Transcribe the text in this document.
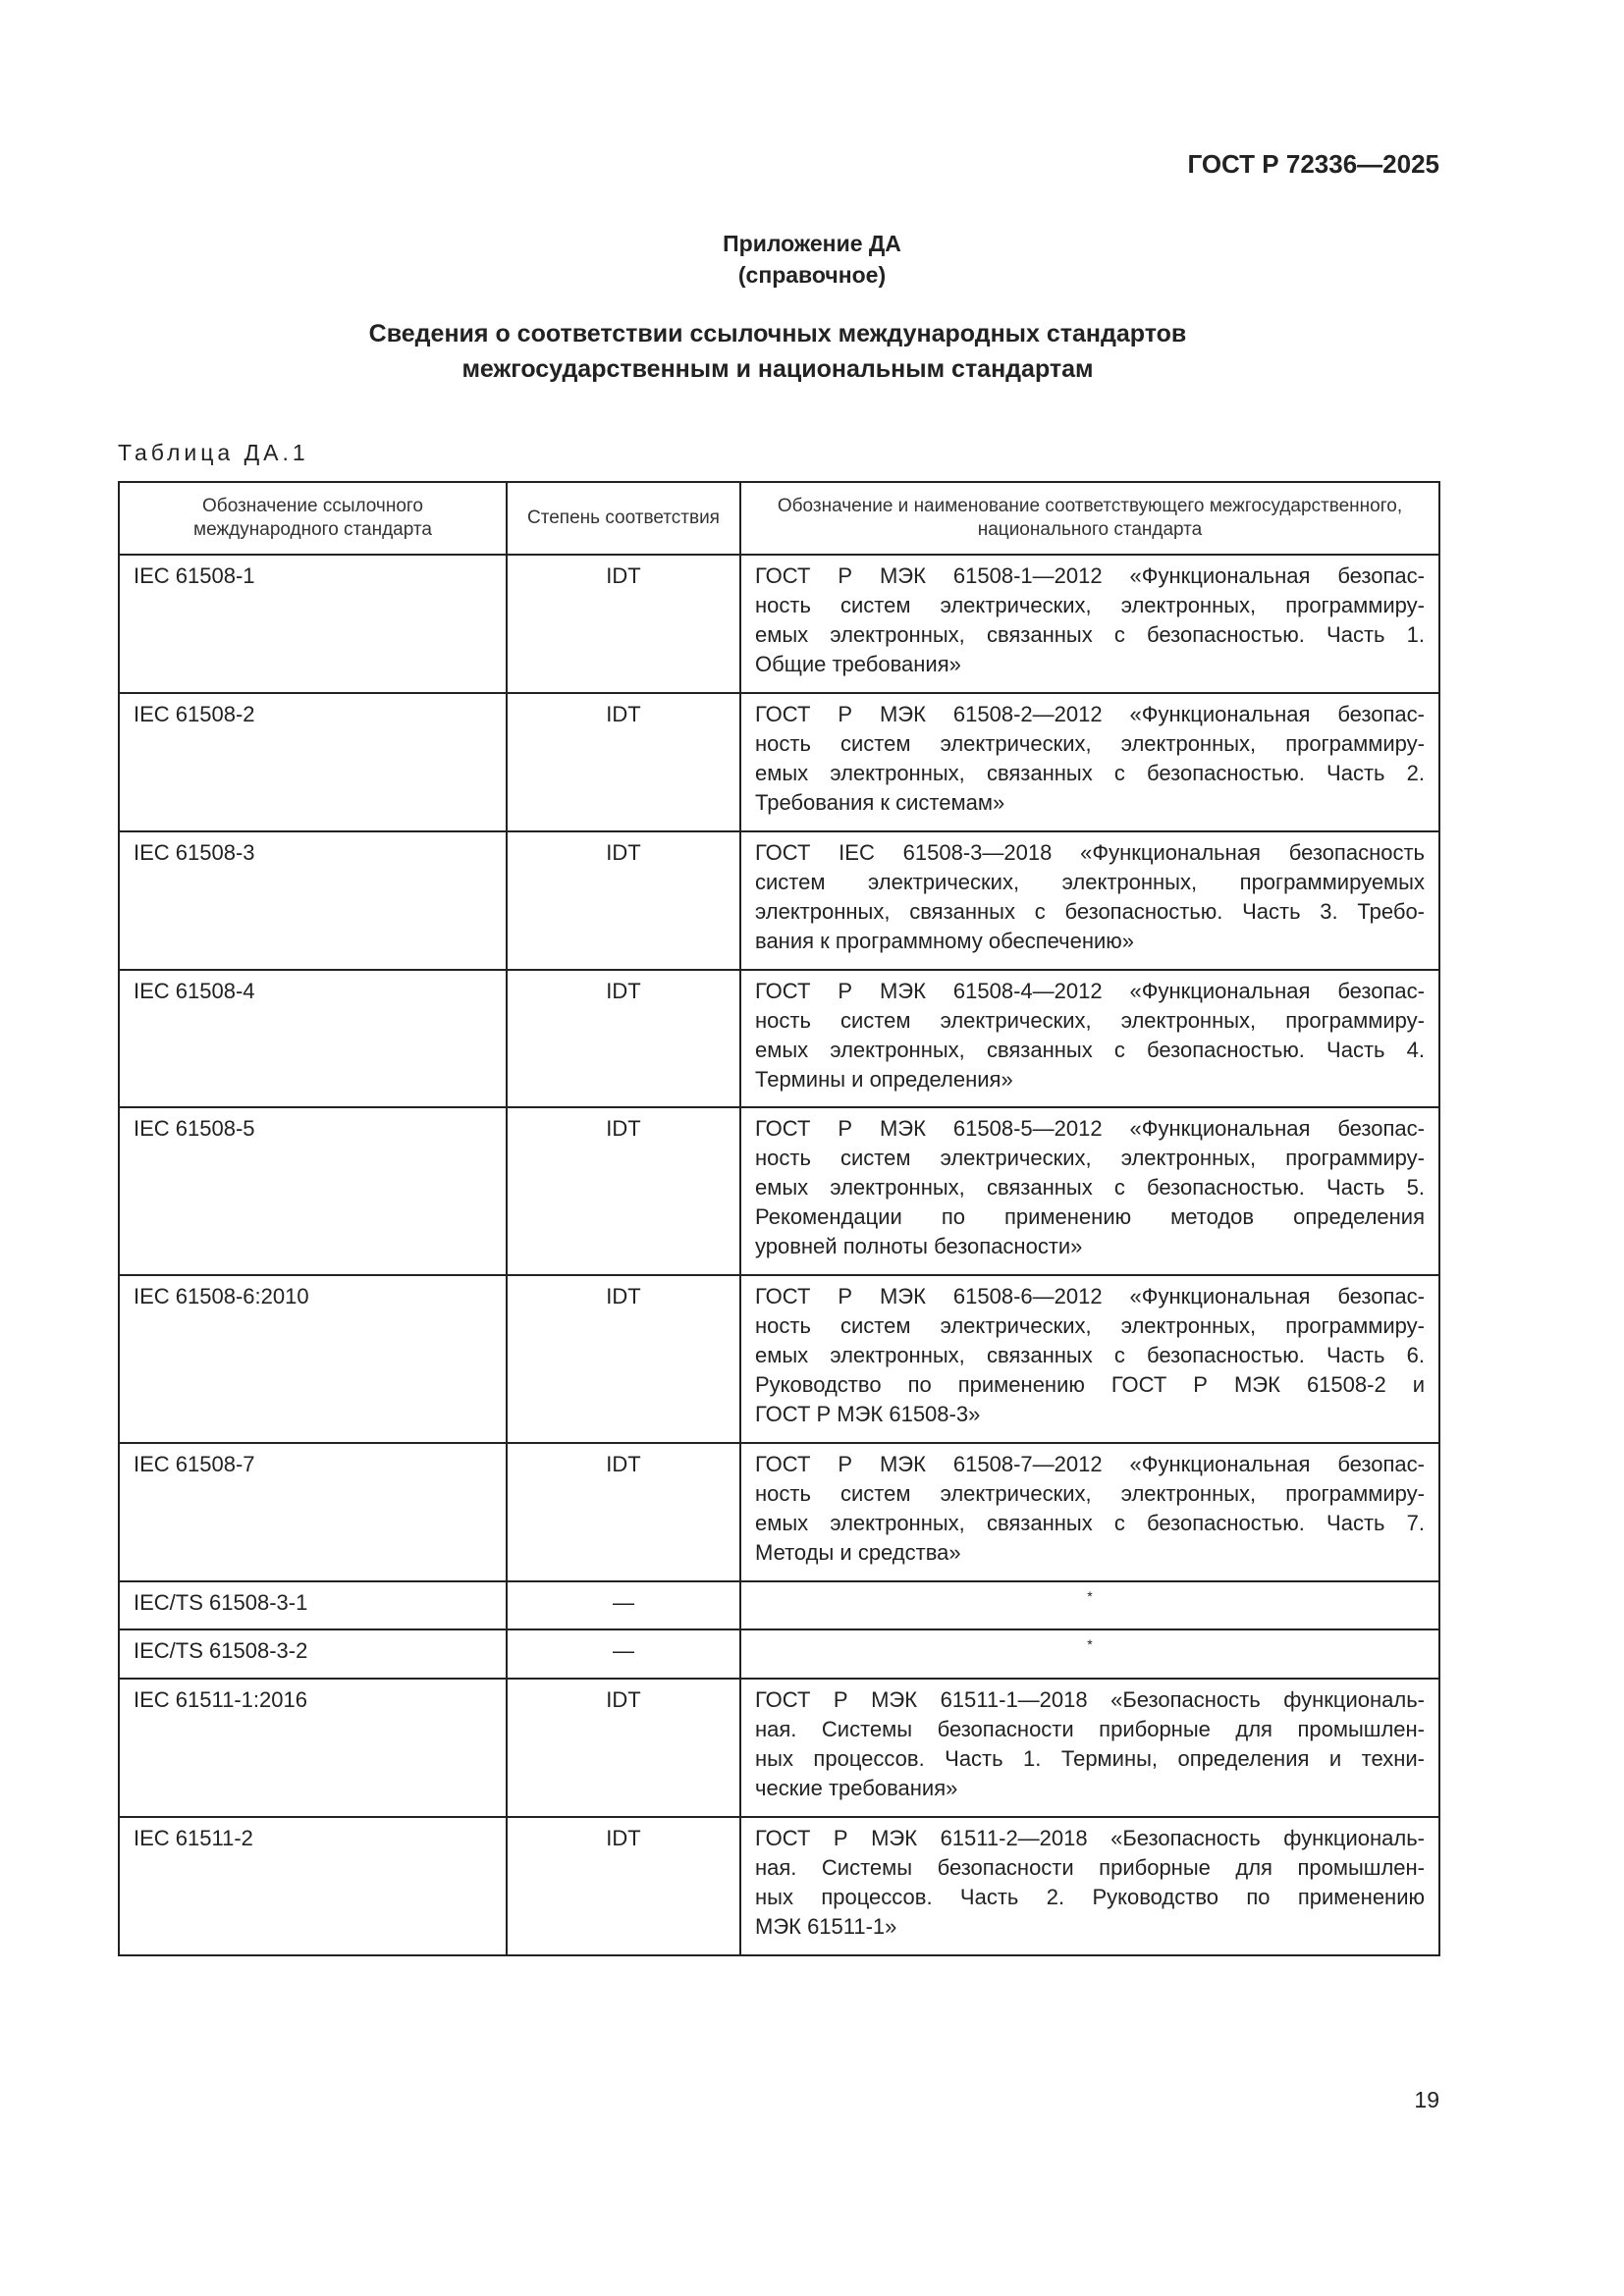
ГОСТ Р 72336—2025
Приложение ДА
(справочное)
Сведения о соответствии ссылочных международных стандартов
межгосударственным и национальным стандартам
Таблица ДА.1
Обозначение ссылочного международного стандарта	Степень соответствия	Обозначение и наименование соответствующего межгосударственного, национального стандарта
IEC 61508-1	IDT	ГОСТ Р МЭК 61508-1—2012 «Функциональная безопас-
ность систем электрических, электронных, программиру-
емых электронных, связанных с безопасностью. Часть 1.
Общие требования»

IEC 61508-2	IDT	ГОСТ Р МЭК 61508-2—2012 «Функциональная безопас-
ность систем электрических, электронных, программиру-
емых электронных, связанных с безопасностью. Часть 2.
Требования к системам»

IEC 61508-3	IDT	ГОСТ IEC 61508-3—2018 «Функциональная безопасность
систем электрических, электронных, программируемых
электронных, связанных с безопасностью. Часть 3. Требо-
вания к программному обеспечению»

IEC 61508-4	IDT	ГОСТ Р МЭК 61508-4—2012 «Функциональная безопас-
ность систем электрических, электронных, программиру-
емых электронных, связанных с безопасностью. Часть 4.
Термины и определения»

IEC 61508-5	IDT	ГОСТ Р МЭК 61508-5—2012 «Функциональная безопас-
ность систем электрических, электронных, программиру-
емых электронных, связанных с безопасностью. Часть 5.
Рекомендации по применению методов определения
уровней полноты безопасности»

IEC 61508-6:2010	IDT	ГОСТ Р МЭК 61508-6—2012 «Функциональная безопас-
ность систем электрических, электронных, программиру-
емых электронных, связанных с безопасностью. Часть 6.
Руководство по применению ГОСТ Р МЭК 61508-2 и
ГОСТ Р МЭК 61508-3»

IEC 61508-7	IDT	ГОСТ Р МЭК 61508-7—2012 «Функциональная безопас-
ность систем электрических, электронных, программиру-
емых электронных, связанных с безопасностью. Часть 7.
Методы и средства»

IEC/TS 61508-3-1	—	*
IEC/TS 61508-3-2	—	*
IEC 61511-1:2016	IDT	ГОСТ Р МЭК 61511-1—2018 «Безопасность функциональ-
ная. Системы безопасности приборные для промышлен-
ных процессов. Часть 1. Термины, определения и техни-
ческие требования»

IEC 61511-2	IDT	ГОСТ Р МЭК 61511-2—2018 «Безопасность функциональ-
ная. Системы безопасности приборные для промышлен-
ных процессов. Часть 2. Руководство по применению
МЭК 61511-1»
19
